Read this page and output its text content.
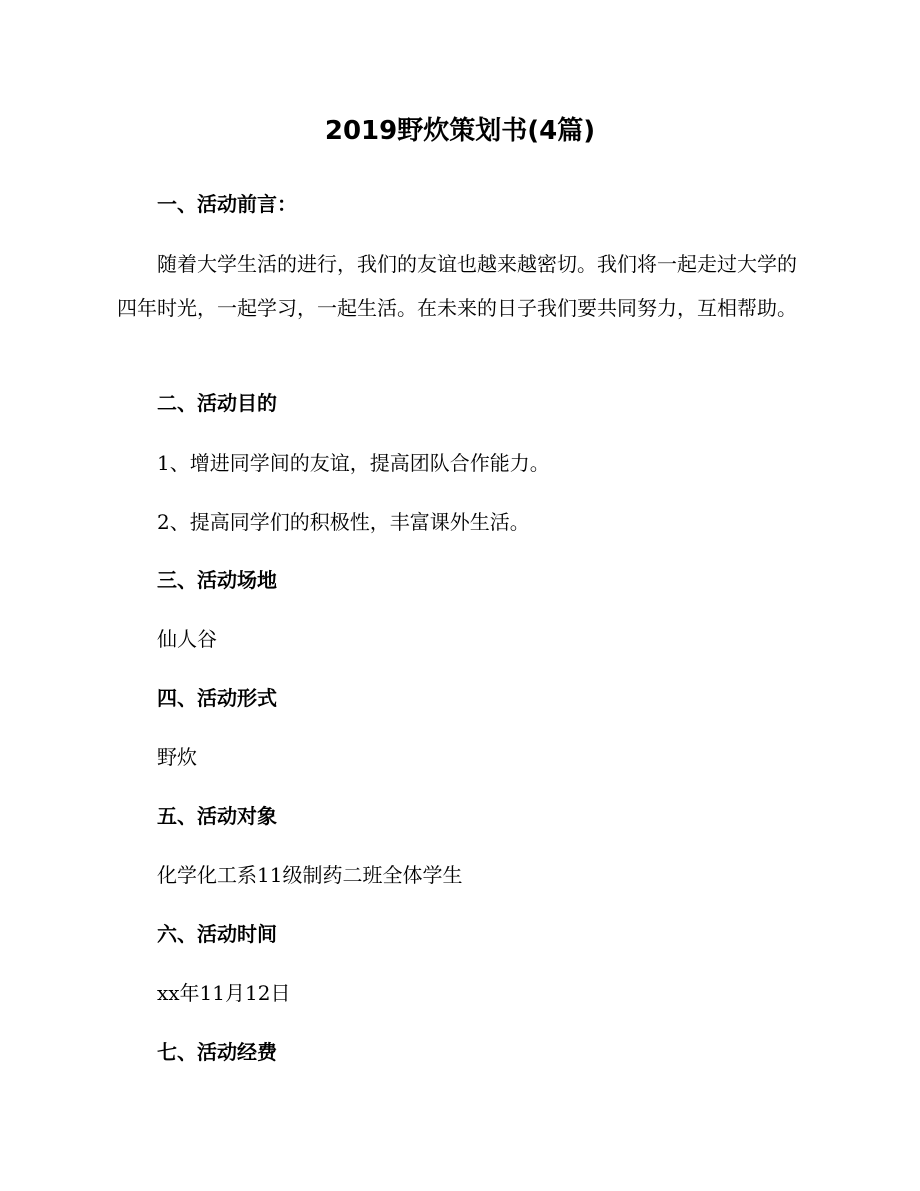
2019野炊策划书(4篇)

一、活动前言：

随着大学生活的进行，我们的友谊也越来越密切。我们将一起走过大学的四年时光，一起学习，一起生活。在未来的日子我们要共同努力，互相帮助。

二、活动目的

1、增进同学间的友谊，提高团队合作能力。

2、提高同学们的积极性，丰富课外生活。

三、活动场地

仙人谷

四、活动形式

野炊

五、活动对象

化学化工系11级制药二班全体学生

六、活动时间

xx年11月12日

七、活动经费
